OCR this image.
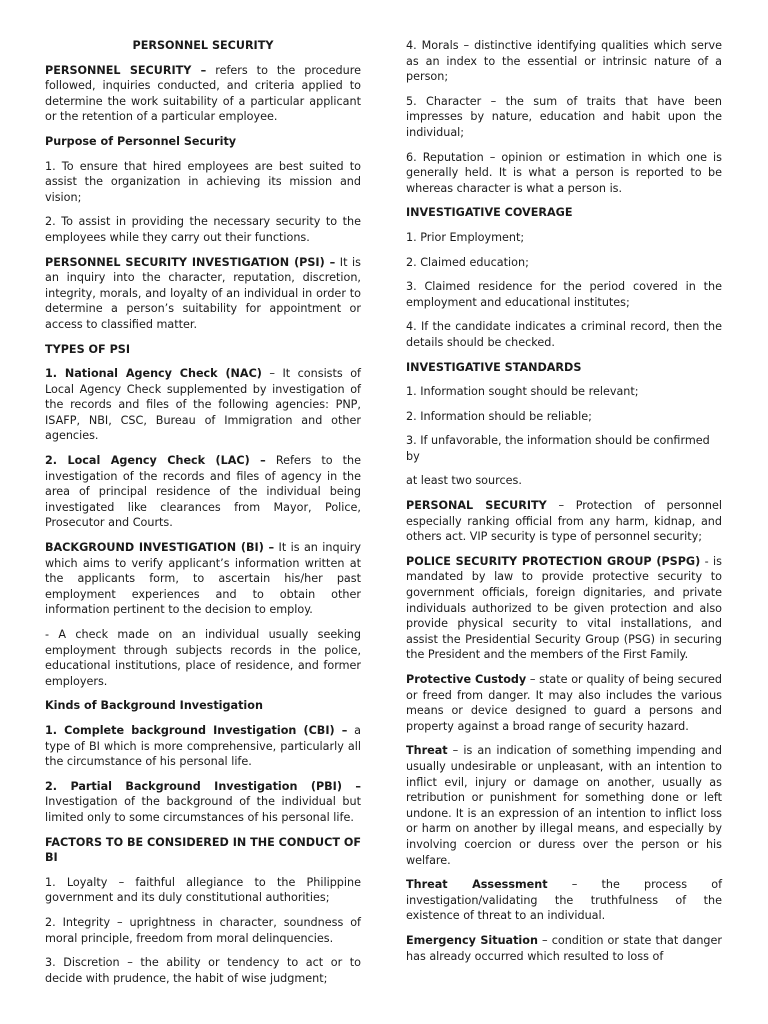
PERSONNEL SECURITY

PERSONNEL SECURITY – refers to the procedure followed, inquiries conducted, and criteria applied to determine the work suitability of a particular applicant or the retention of a particular employee.

Purpose of Personnel Security

1. To ensure that hired employees are best suited to assist the organization in achieving its mission and vision;

2. To assist in providing the necessary security to the employees while they carry out their functions.

PERSONNEL SECURITY INVESTIGATION (PSI) – It is an inquiry into the character, reputation, discretion, integrity, morals, and loyalty of an individual in order to determine a person’s suitability for appointment or access to classified matter.

TYPES OF PSI

1. National Agency Check (NAC) – It consists of Local Agency Check supplemented by investigation of the records and files of the following agencies: PNP, ISAFP, NBI, CSC, Bureau of Immigration and other agencies.

2. Local Agency Check (LAC) – Refers to the investigation of the records and files of agency in the area of principal residence of the individual being investigated like clearances from Mayor, Police, Prosecutor and Courts.

BACKGROUND INVESTIGATION (BI) – It is an inquiry which aims to verify applicant’s information written at the applicants form, to ascertain his/her past employment experiences and to obtain other information pertinent to the decision to employ.

- A check made on an individual usually seeking employment through subjects records in the police, educational institutions, place of residence, and former employers.

Kinds of Background Investigation

1. Complete background Investigation (CBI) – a type of BI which is more comprehensive, particularly all the circumstance of his personal life.

2. Partial Background Investigation (PBI) – Investigation of the background of the individual but limited only to some circumstances of his personal life.

FACTORS TO BE CONSIDERED IN THE CONDUCT OF BI

1. Loyalty – faithful allegiance to the Philippine government and its duly constitutional authorities;

2. Integrity – uprightness in character, soundness of moral principle, freedom from moral delinquencies.

3. Discretion – the ability or tendency to act or to decide with prudence, the habit of wise judgment;

4. Morals – distinctive identifying qualities which serve as an index to the essential or intrinsic nature of a person;

5. Character – the sum of traits that have been impresses by nature, education and habit upon the individual;

6. Reputation – opinion or estimation in which one is generally held. It is what a person is reported to be whereas character is what a person is.

INVESTIGATIVE COVERAGE

1. Prior Employment;

2. Claimed education;

3. Claimed residence for the period covered in the employment and educational institutes;

4. If the candidate indicates a criminal record, then the details should be checked.

INVESTIGATIVE STANDARDS

1. Information sought should be relevant;

2. Information should be reliable;

3. If unfavorable, the information should be confirmed by

at least two sources.

PERSONAL SECURITY – Protection of personnel especially ranking official from any harm, kidnap, and others act. VIP security is type of personnel security;

POLICE SECURITY PROTECTION GROUP (PSPG) - is mandated by law to provide protective security to government officials, foreign dignitaries, and private individuals authorized to be given protection and also provide physical security to vital installations, and assist the Presidential Security Group (PSG) in securing the President and the members of the First Family.

Protective Custody – state or quality of being secured or freed from danger. It may also includes the various means or device designed to guard a persons and property against a broad range of security hazard.

Threat – is an indication of something impending and usually undesirable or unpleasant, with an intention to inflict evil, injury or damage on another, usually as retribution or punishment for something done or left undone. It is an expression of an intention to inflict loss or harm on another by illegal means, and especially by involving coercion or duress over the person or his welfare.

Threat Assessment – the process of investigation/validating the truthfulness of the existence of threat to an individual.

Emergency Situation – condition or state that danger has already occurred which resulted to loss of
